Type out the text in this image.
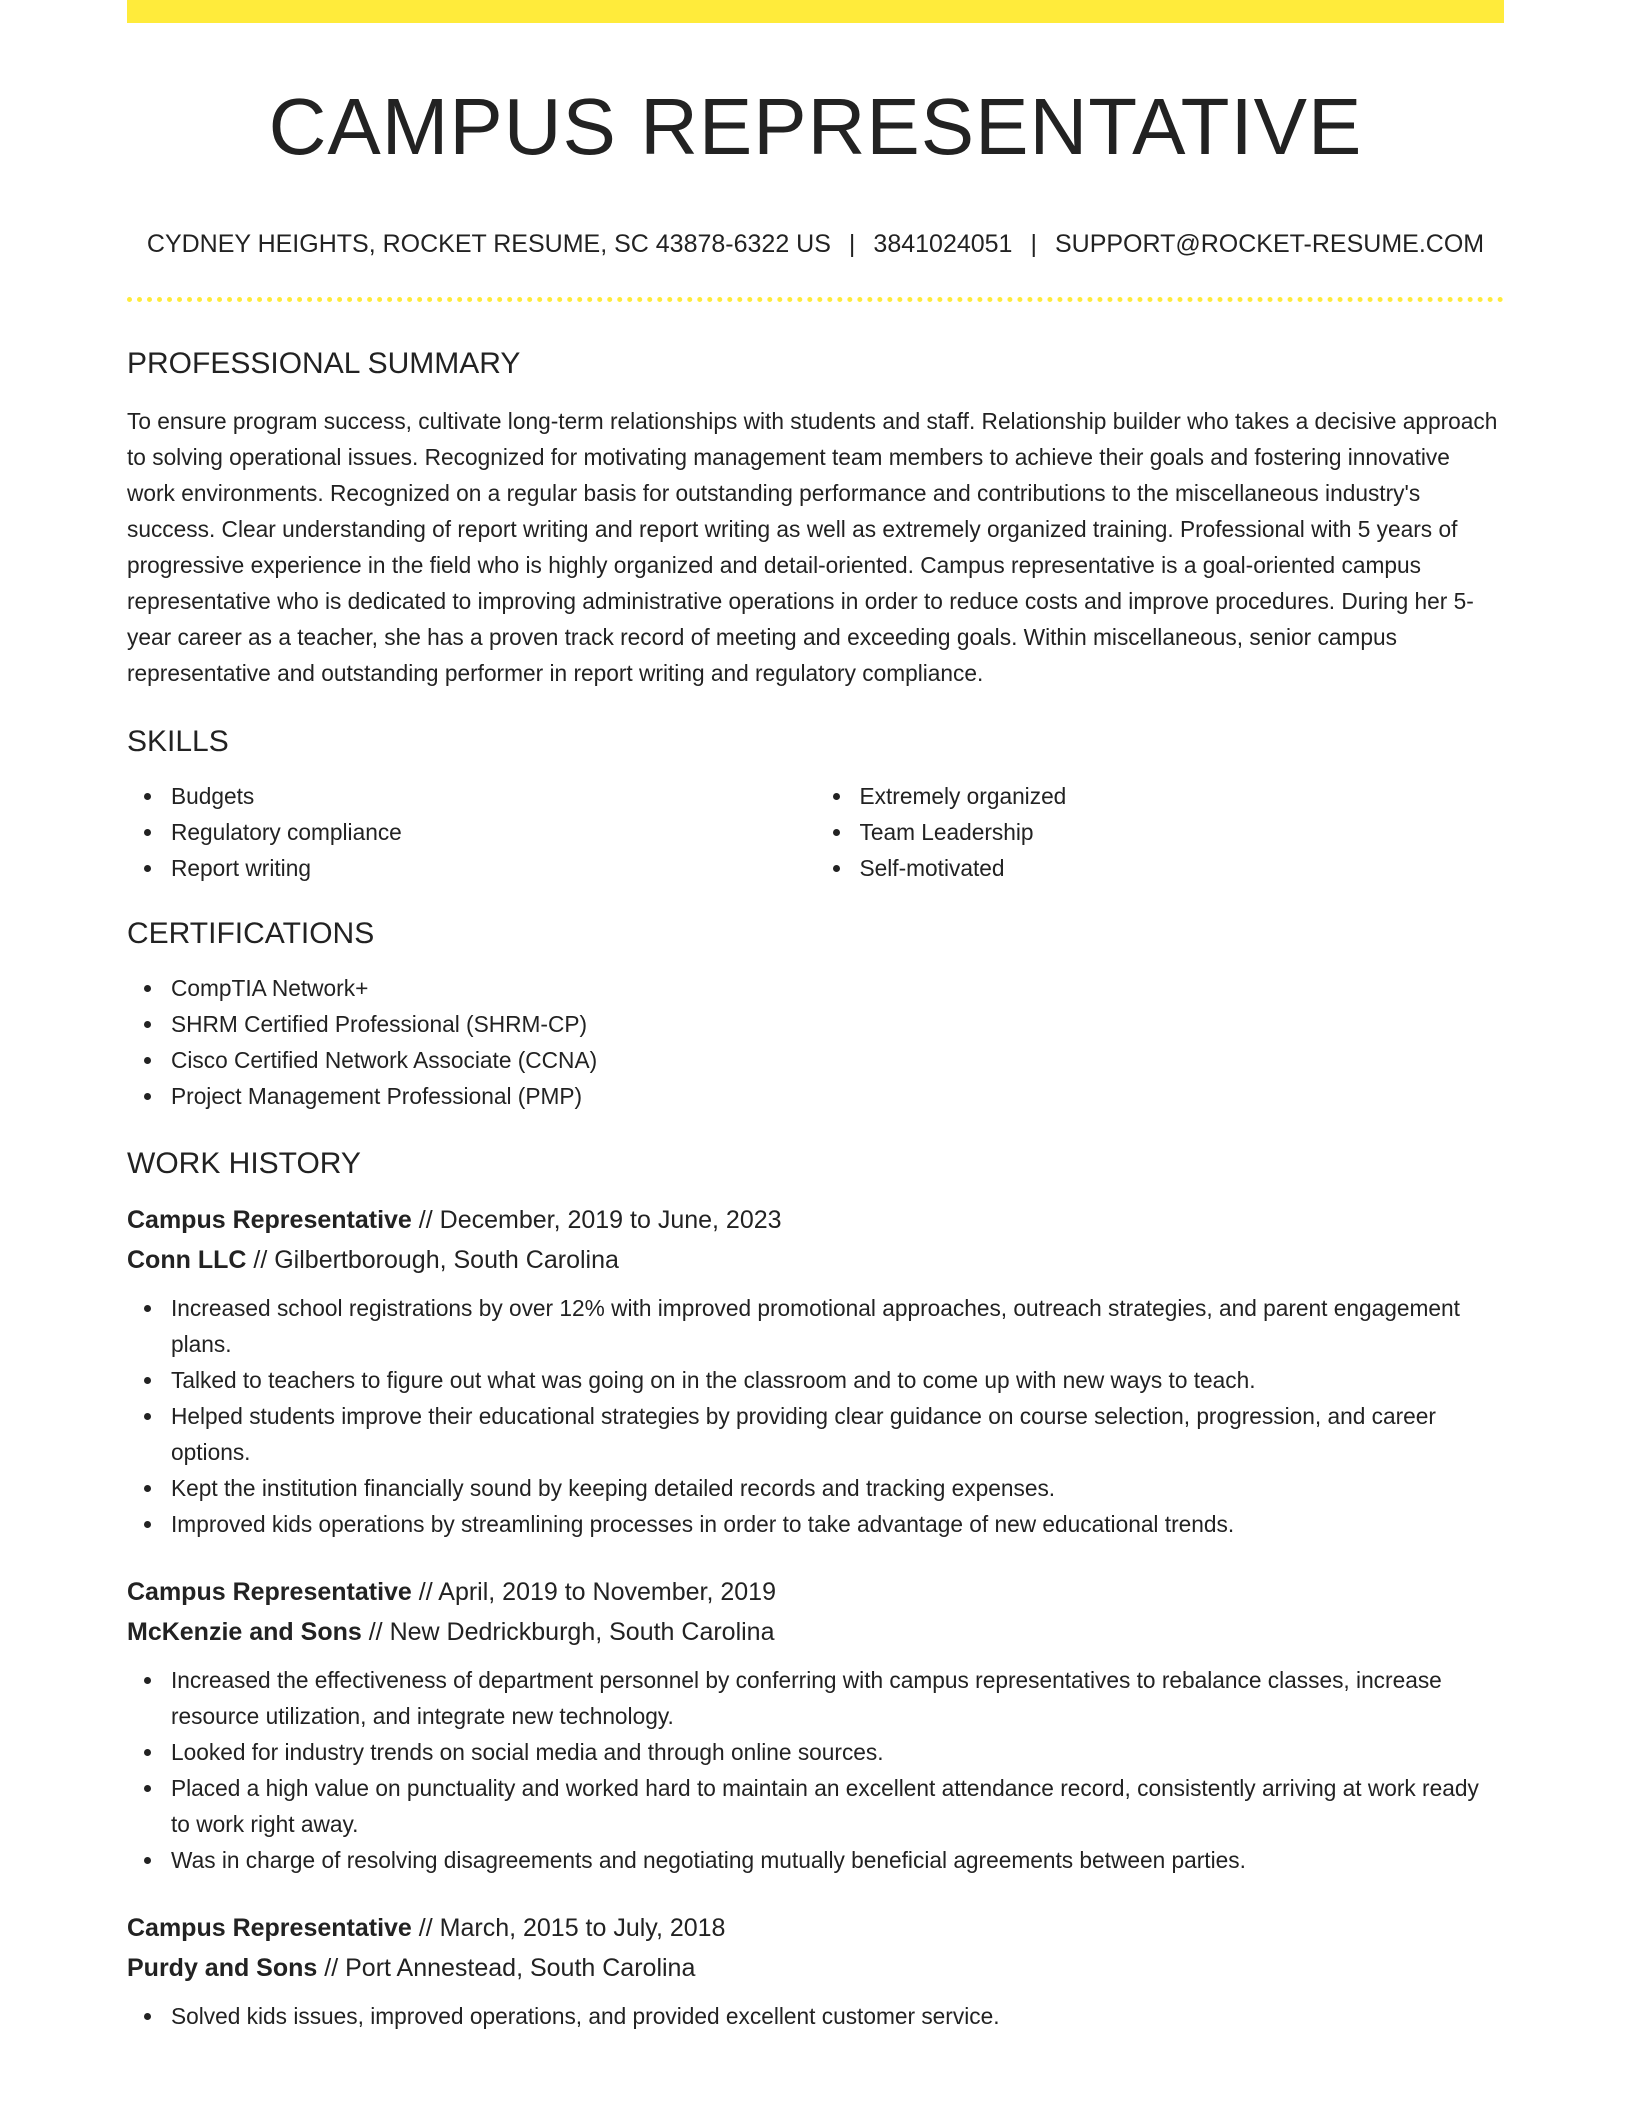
CAMPUS REPRESENTATIVE
CYDNEY HEIGHTS, ROCKET RESUME, SC 43878-6322 US | 3841024051 | SUPPORT@ROCKET-RESUME.COM
PROFESSIONAL SUMMARY

To ensure program success, cultivate long-term relationships with students and staff. Relationship builder who takes a decisive approach to solving operational issues. Recognized for motivating management team members to achieve their goals and fostering innovative work environments. Recognized on a regular basis for outstanding performance and contributions to the miscellaneous industry's success. Clear understanding of report writing and report writing as well as extremely organized training. Professional with 5 years of progressive experience in the field who is highly organized and detail-oriented. Campus representative is a goal-oriented campus representative who is dedicated to improving administrative operations in order to reduce costs and improve procedures. During her 5-year career as a teacher, she has a proven track record of meeting and exceeding goals. Within miscellaneous, senior campus representative and outstanding performer in report writing and regulatory compliance.

SKILLS
Budgets
Regulatory compliance
Report writing
Extremely organized
Team Leadership
Self-motivated
CERTIFICATIONS
CompTIA Network+
SHRM Certified Professional (SHRM-CP)
Cisco Certified Network Associate (CCNA)
Project Management Professional (PMP)
WORK HISTORY
Campus Representative // December, 2019 to June, 2023
Conn LLC // Gilbertborough, South Carolina
Increased school registrations by over 12% with improved promotional approaches, outreach strategies, and parent engagement plans.
Talked to teachers to figure out what was going on in the classroom and to come up with new ways to teach.
Helped students improve their educational strategies by providing clear guidance on course selection, progression, and career options.
Kept the institution financially sound by keeping detailed records and tracking expenses.
Improved kids operations by streamlining processes in order to take advantage of new educational trends.
Campus Representative // April, 2019 to November, 2019
McKenzie and Sons // New Dedrickburgh, South Carolina
Increased the effectiveness of department personnel by conferring with campus representatives to rebalance classes, increase resource utilization, and integrate new technology.
Looked for industry trends on social media and through online sources.
Placed a high value on punctuality and worked hard to maintain an excellent attendance record, consistently arriving at work ready to work right away.
Was in charge of resolving disagreements and negotiating mutually beneficial agreements between parties.
Campus Representative // March, 2015 to July, 2018
Purdy and Sons // Port Annestead, South Carolina
Solved kids issues, improved operations, and provided excellent customer service.
